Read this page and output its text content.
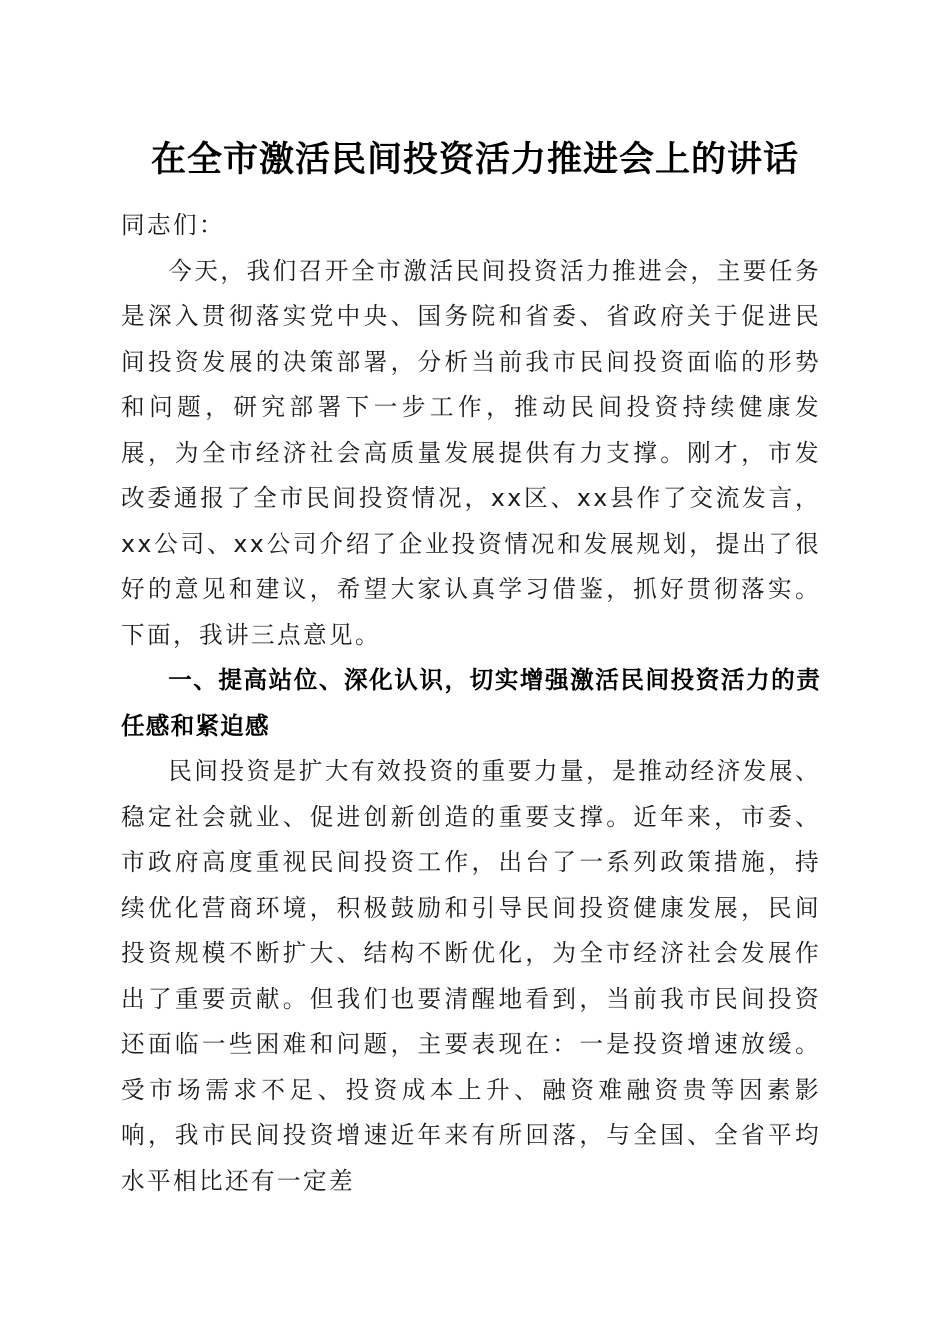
在全市激活民间投资活力推进会上的讲话

同志们：

今天，我们召开全市激活民间投资活力推进会，主要任务是深入贯彻落实党中央、国务院和省委、省政府关于促进民间投资发展的决策部署，分析当前我市民间投资面临的形势和问题，研究部署下一步工作，推动民间投资持续健康发展，为全市经济社会高质量发展提供有力支撑。刚才，市发改委通报了全市民间投资情况，xx区、xx县作了交流发言，xx公司、xx公司介绍了企业投资情况和发展规划，提出了很好的意见和建议，希望大家认真学习借鉴，抓好贯彻落实。下面，我讲三点意见。

一、提高站位、深化认识，切实增强激活民间投资活力的责任感和紧迫感

民间投资是扩大有效投资的重要力量，是推动经济发展、稳定社会就业、促进创新创造的重要支撑。近年来，市委、市政府高度重视民间投资工作，出台了一系列政策措施，持续优化营商环境，积极鼓励和引导民间投资健康发展，民间投资规模不断扩大、结构不断优化，为全市经济社会发展作出了重要贡献。但我们也要清醒地看到，当前我市民间投资还面临一些困难和问题，主要表现在：一是投资增速放缓。受市场需求不足、投资成本上升、融资难融资贵等因素影响，我市民间投资增速近年来有所回落，与全国、全省平均水平相比还有一定差
